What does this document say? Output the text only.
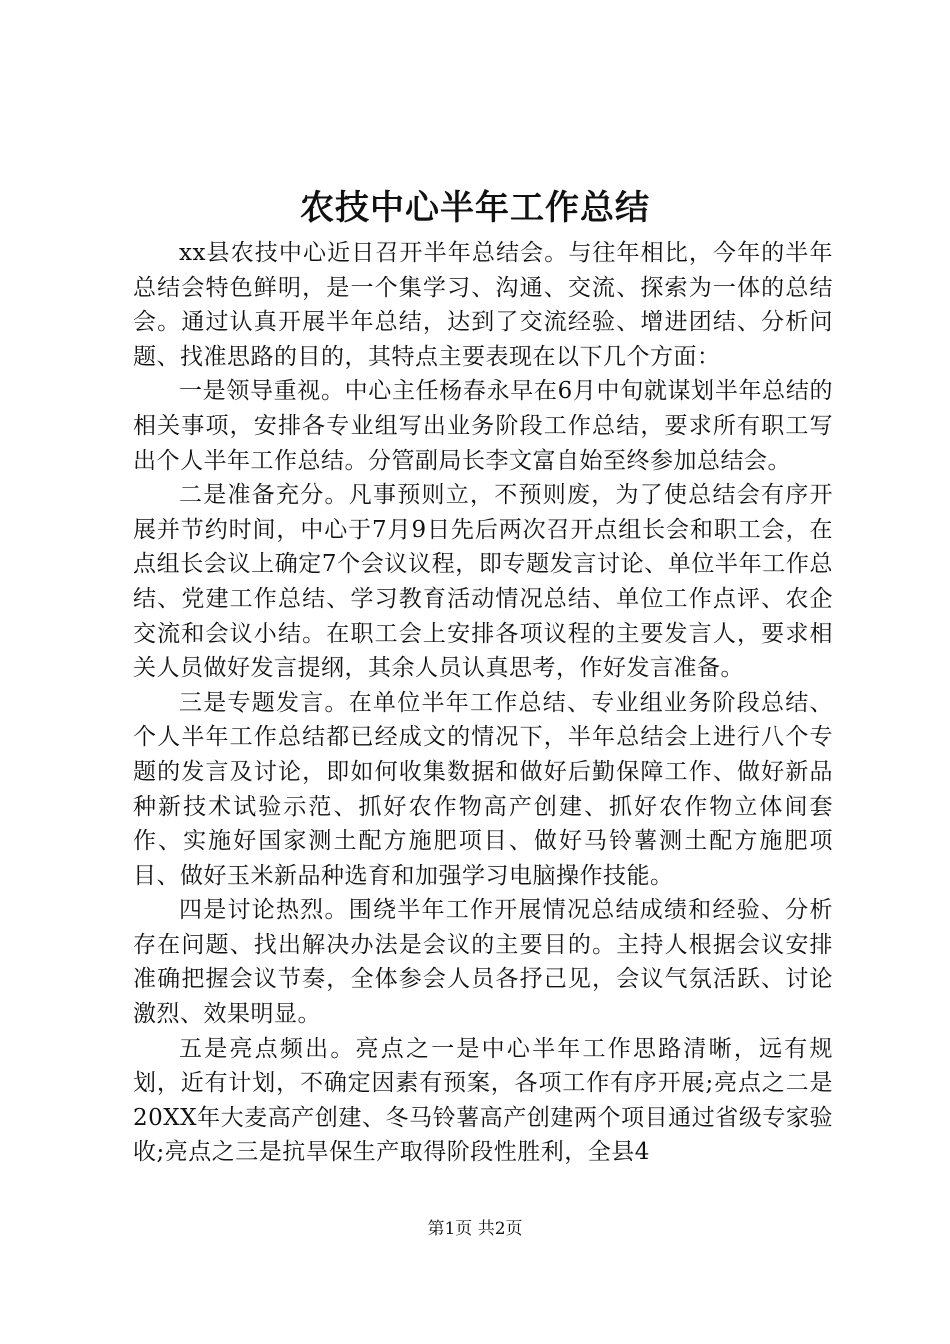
农技中心半年工作总结

xx县农技中心近日召开半年总结会。与往年相比，今年的半年总结会特色鲜明，是一个集学习、沟通、交流、探索为一体的总结会。通过认真开展半年总结，达到了交流经验、增进团结、分析问题、找准思路的目的，其特点主要表现在以下几个方面：

一是领导重视。中心主任杨春永早在6月中旬就谋划半年总结的相关事项，安排各专业组写出业务阶段工作总结，要求所有职工写出个人半年工作总结。分管副局长李文富自始至终参加总结会。

二是准备充分。凡事预则立，不预则废，为了使总结会有序开展并节约时间，中心于7月9日先后两次召开点组长会和职工会，在点组长会议上确定7个会议议程，即专题发言讨论、单位半年工作总结、党建工作总结、学习教育活动情况总结、单位工作点评、农企交流和会议小结。在职工会上安排各项议程的主要发言人，要求相关人员做好发言提纲，其余人员认真思考，作好发言准备。

三是专题发言。在单位半年工作总结、专业组业务阶段总结、个人半年工作总结都已经成文的情况下，半年总结会上进行八个专题的发言及讨论，即如何收集数据和做好后勤保障工作、做好新品种新技术试验示范、抓好农作物高产创建、抓好农作物立体间套作、实施好国家测土配方施肥项目、做好马铃薯测土配方施肥项目、做好玉米新品种选育和加强学习电脑操作技能。

四是讨论热烈。围绕半年工作开展情况总结成绩和经验、分析存在问题、找出解决办法是会议的主要目的。主持人根据会议安排准确把握会议节奏，全体参会人员各抒己见，会议气氛活跃、讨论激烈、效果明显。

五是亮点频出。亮点之一是中心半年工作思路清晰，远有规划，近有计划，不确定因素有预案，各项工作有序开展;亮点之二是20XX年大麦高产创建、冬马铃薯高产创建两个项目通过省级专家验收;亮点之三是抗旱保生产取得阶段性胜利，全县4

第1页 共2页
